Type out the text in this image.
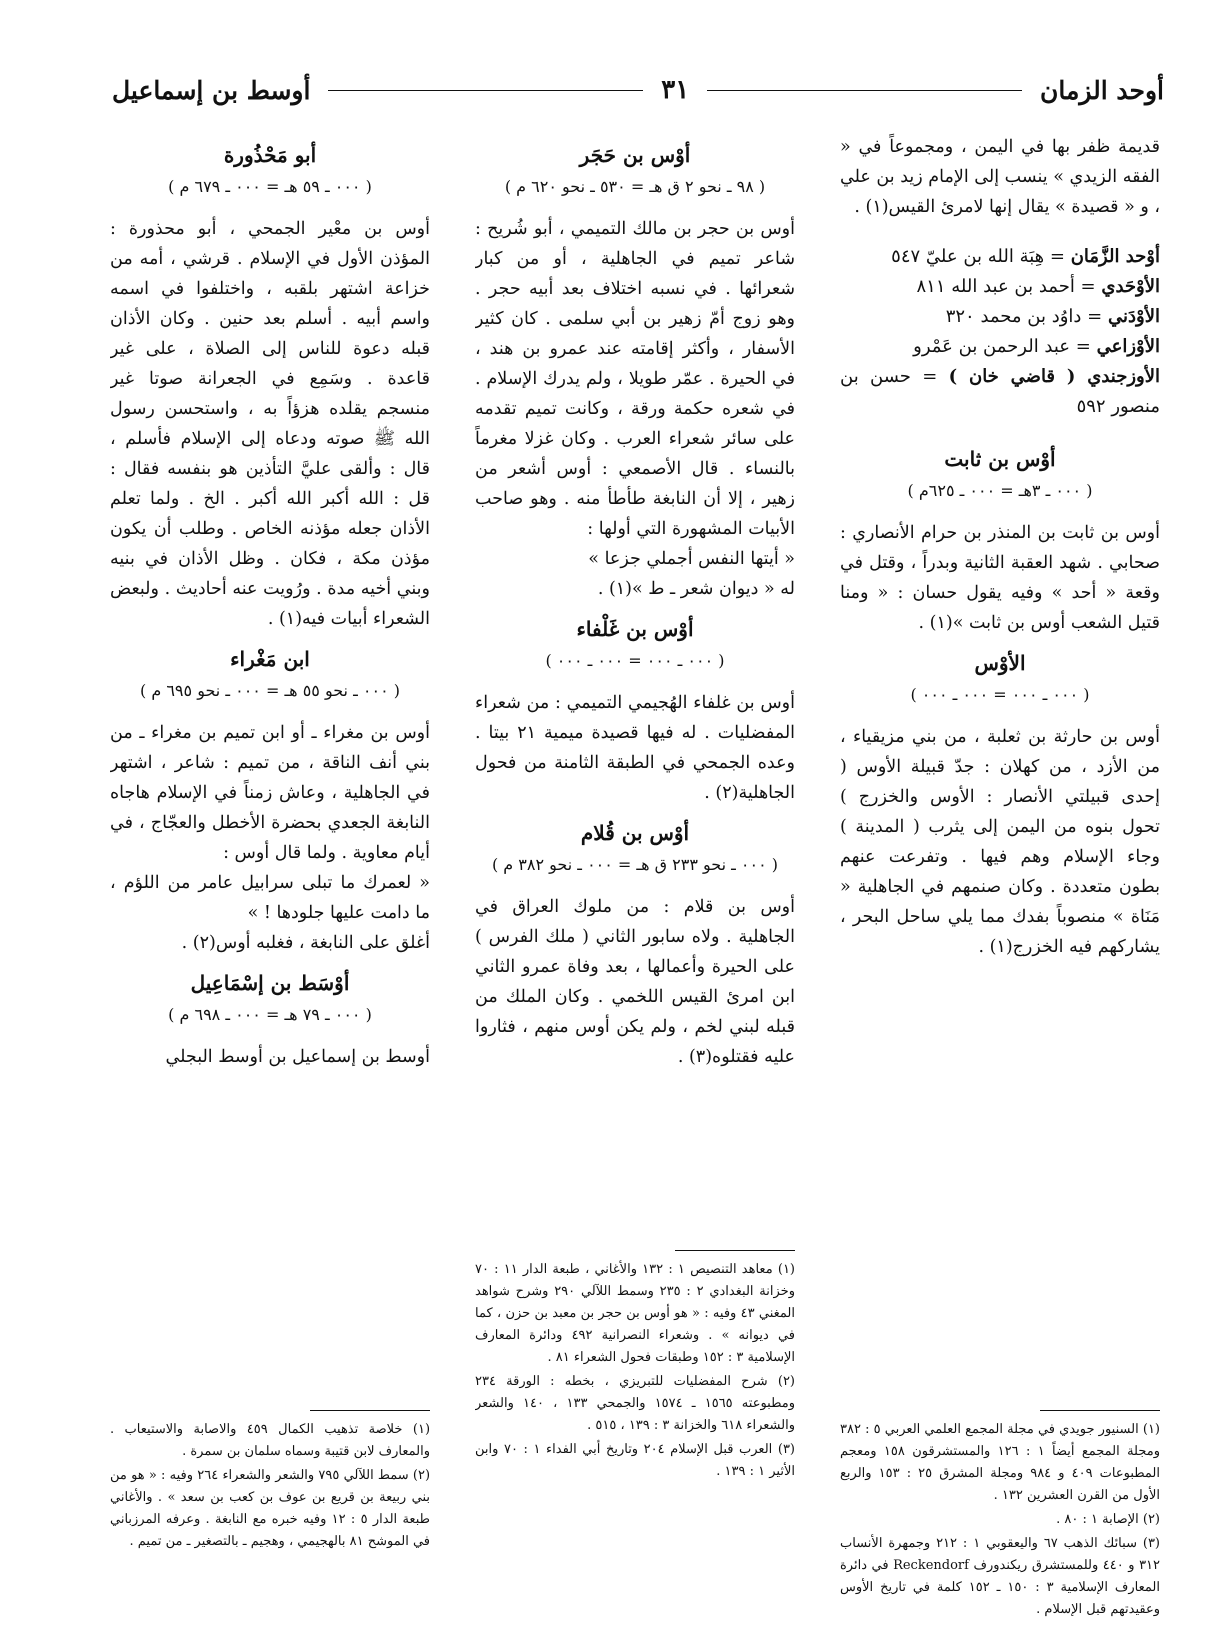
أوحد الزمان
٣١
أوسط بن إسماعيل

قديمة ظفر بها في اليمن ، ومجموعاً في « الفقه الزيدي » ينسب إلى الإمام زيد بن علي ، و « قصيدة » يقال إنها لامرئ القيس(١) .

أوْحد الزَّمَان = هِبَة الله بن عليّ ٥٤٧
الأوْحَدي = أحمد بن عبد الله ٨١١
الأوْدَني = داوُد بن محمد ٣٢٠
الأوْزاعي = عبد الرحمن بن عَمْرو
الأوزجندي ( قاضي خان ) = حسن بن منصور ٥٩٢
أوْس بن ثابت
( ٠٠٠ ـ ٣هـ = ٠٠٠ ـ ٦٢٥م )

أوس بن ثابت بن المنذر بن حرام الأنصاري : صحابي . شهد العقبة الثانية وبدراً ، وقتل في وقعة « أحد » وفيه يقول حسان : « ومنا قتيل الشعب أوس بن ثابت »(١) .

الأوْس
( ٠٠٠ ـ ٠٠٠ = ٠٠٠ ـ ٠٠٠ )

أوس بن حارثة بن ثعلبة ، من بني مزيقياء ، من الأزد ، من كهلان : جدّ قبيلة الأوس ( إحدى قبيلتي الأنصار : الأوس والخزرج ) تحول بنوه من اليمن إلى يثرب ( المدينة ) وجاء الإسلام وهم فيها . وتفرعت عنهم بطون متعددة . وكان صنمهم في الجاهلية « مَنَاة » منصوباً بفدك مما يلي ساحل البحر ، يشاركهم فيه الخزرج(١) .

(١) السنيور جويدي في مجلة المجمع العلمي العربي ٥ : ٣٨٢ ومجلة المجمع أيضاً ١ : ١٢٦ والمستشرقون ١٥٨ ومعجم المطبوعات ٤٠٩ و ٩٨٤ ومجلة المشرق ٢٥ : ١٥٣ والربع الأول من القرن العشرين ١٣٢ .

(٢) الإصابة ١ : ٨٠ .

(٣) سبائك الذهب ٦٧ واليعقوبي ١ : ٢١٢ وجمهرة الأنساب ٣١٢ و ٤٤٠ وللمستشرق ريكندورف Reckendorf في دائرة المعارف الإسلامية ٣ : ١٥٠ ـ ١٥٢ كلمة في تاريخ الأوس وعقيدتهم قبل الإسلام .

أوْس بن حَجَر
( ٩٨ ـ نحو ٢ ق هـ = ٥٣٠ ـ نحو ٦٢٠ م )

أوس بن حجر بن مالك التميمي ، أبو شُريح : شاعر تميم في الجاهلية ، أو من كبار شعرائها . في نسبه اختلاف بعد أبيه حجر . وهو زوج أمّ زهير بن أبي سلمى . كان كثير الأسفار ، وأكثر إقامته عند عمرو بن هند ، في الحيرة . عمّر طويلا ، ولم يدرك الإسلام . في شعره حكمة ورقة ، وكانت تميم تقدمه على سائر شعراء العرب . وكان غزلا مغرماً بالنساء . قال الأصمعي : أوس أشعر من زهير ، إلا أن النابغة طأطأ منه . وهو صاحب الأبيات المشهورة التي أولها :

« أيتها النفس أجملي جزعا »

له « ديوان شعر ـ ط »(١) .

أوْس بن غَلْفاء
( ٠٠٠ ـ ٠٠٠ = ٠٠٠ ـ ٠٠٠ )

أوس بن غلفاء الهُجيمي التميمي : من شعراء المفضليات . له فيها قصيدة ميمية ٢١ بيتا . وعده الجمحي في الطبقة الثامنة من فحول الجاهلية(٢) .

أوْس بن قُلام
( ٠٠٠ ـ نحو ٢٣٣ ق هـ = ٠٠٠ ـ نحو ٣٨٢ م )

أوس بن قلام : من ملوك العراق في الجاهلية . ولاه سابور الثاني ( ملك الفرس ) على الحيرة وأعمالها ، بعد وفاة عمرو الثاني ابن امرئ القيس اللخمي . وكان الملك من قبله لبني لخم ، ولم يكن أوس منهم ، فثاروا عليه فقتلوه(٣) .

(١) معاهد التنصيص ١ : ١٣٢ والأغاني ، طبعة الدار ١١ : ٧٠ وخزانة البغدادي ٢ : ٢٣٥ وسمط اللآلي ٢٩٠ وشرح شواهد المغني ٤٣ وفيه : « هو أوس بن حجر بن معبد بن حزن ، كما في ديوانه » . وشعراء النصرانية ٤٩٢ ودائرة المعارف الإسلامية ٣ : ١٥٢ وطبقات فحول الشعراء ٨١ .

(٢) شرح المفضليات للتبريزي ، بخطه : الورقة ٢٣٤ ومطبوعته ١٥٦٥ ـ ١٥٧٤ والجمحي ١٣٣ ، ١٤٠ والشعر والشعراء ٦١٨ والخزانة ٣ : ١٣٩ ، ٥١٥ .

(٣) العرب قبل الإسلام ٢٠٤ وتاريخ أبي الفداء ١ : ٧٠ وابن الأثير ١ : ١٣٩ .

أبو مَحْذُورة
( ٠٠٠ ـ ٥٩ هـ = ٠٠٠ ـ ٦٧٩ م )

أوس بن معْير الجمحي ، أبو محذورة : المؤذن الأول في الإسلام . قرشي ، أمه من خزاعة اشتهر بلقبه ، واختلفوا في اسمه واسم أبيه . أسلم بعد حنين . وكان الأذان قبله دعوة للناس إلى الصلاة ، على غير قاعدة . وسَمِع في الجعرانة صوتا غير منسجم يقلده هزؤاً به ، واستحسن رسول الله ﷺ صوته ودعاه إلى الإسلام فأسلم ، قال : وألقى عليَّ التأذين هو بنفسه فقال : قل : الله أكبر الله أكبر . الخ . ولما تعلم الأذان جعله مؤذنه الخاص . وطلب أن يكون مؤذن مكة ، فكان . وظل الأذان في بنيه وبني أخيه مدة . ورُويت عنه أحاديث . ولبعض الشعراء أبيات فيه(١) .

ابن مَغْراء
( ٠٠٠ ـ نحو ٥٥ هـ = ٠٠٠ ـ نحو ٦٩٥ م )

أوس بن مغراء ـ أو ابن تميم بن مغراء ـ من بني أنف الناقة ، من تميم : شاعر ، اشتهر في الجاهلية ، وعاش زمناً في الإسلام هاجاه النابغة الجعدي بحضرة الأخطل والعجّاج ، في أيام معاوية . ولما قال أوس :

« لعمرك ما تبلى سرابيل عامر من اللؤم ، ما دامت عليها جلودها ! »

أغلق على النابغة ، فغلبه أوس(٢) .

أوْسَط بن إسْمَاعِيل
( ٠٠٠ ـ ٧٩ هـ = ٠٠٠ ـ ٦٩٨ م )

أوسط بن إسماعيل بن أوسط البجلي

(١) خلاصة تذهيب الكمال ٤٥٩ والاصابة والاستيعاب . والمعارف لابن قتيبة وسماه سلمان بن سمرة .

(٢) سمط اللآلي ٧٩٥ والشعر والشعراء ٢٦٤ وفيه : « هو من بني ربيعة بن قريع بن عوف بن كعب بن سعد » . والأغاني طبعة الدار ٥ : ١٢ وفيه خبره مع النابغة . وعرفه المرزباني في الموشح ٨١ بالهجيمي ، وهجيم ـ بالتصغير ـ من تميم .
